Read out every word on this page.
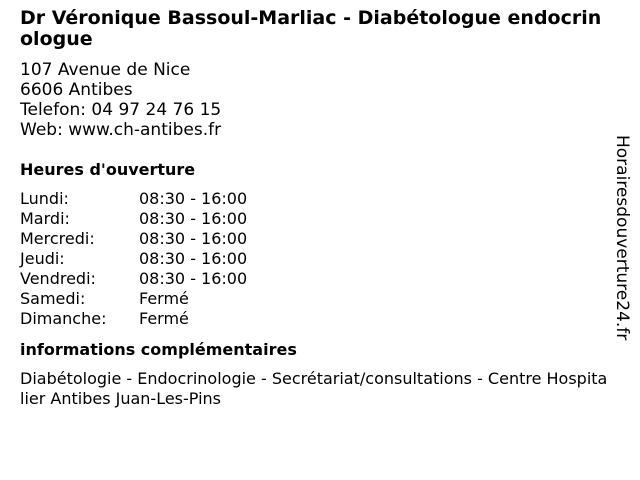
Dr Véronique Bassoul-Marliac - Diabétologue endocrinologue
107 Avenue de Nice
6606 Antibes
Telefon: 04 97 24 76 15
Web: www.ch-antibes.fr
Heures d'ouverture
Lundi:	08:30 - 16:00
Mardi:	08:30 - 16:00
Mercredi:	08:30 - 16:00
Jeudi:	08:30 - 16:00
Vendredi:	08:30 - 16:00
Samedi:	Fermé
Dimanche:	Fermé
informations complémentaires
Diabétologie - Endocrinologie - Secrétariat/consultations - Centre Hospitalier Antibes Juan-Les-Pins
Horairesdouverture24.fr
